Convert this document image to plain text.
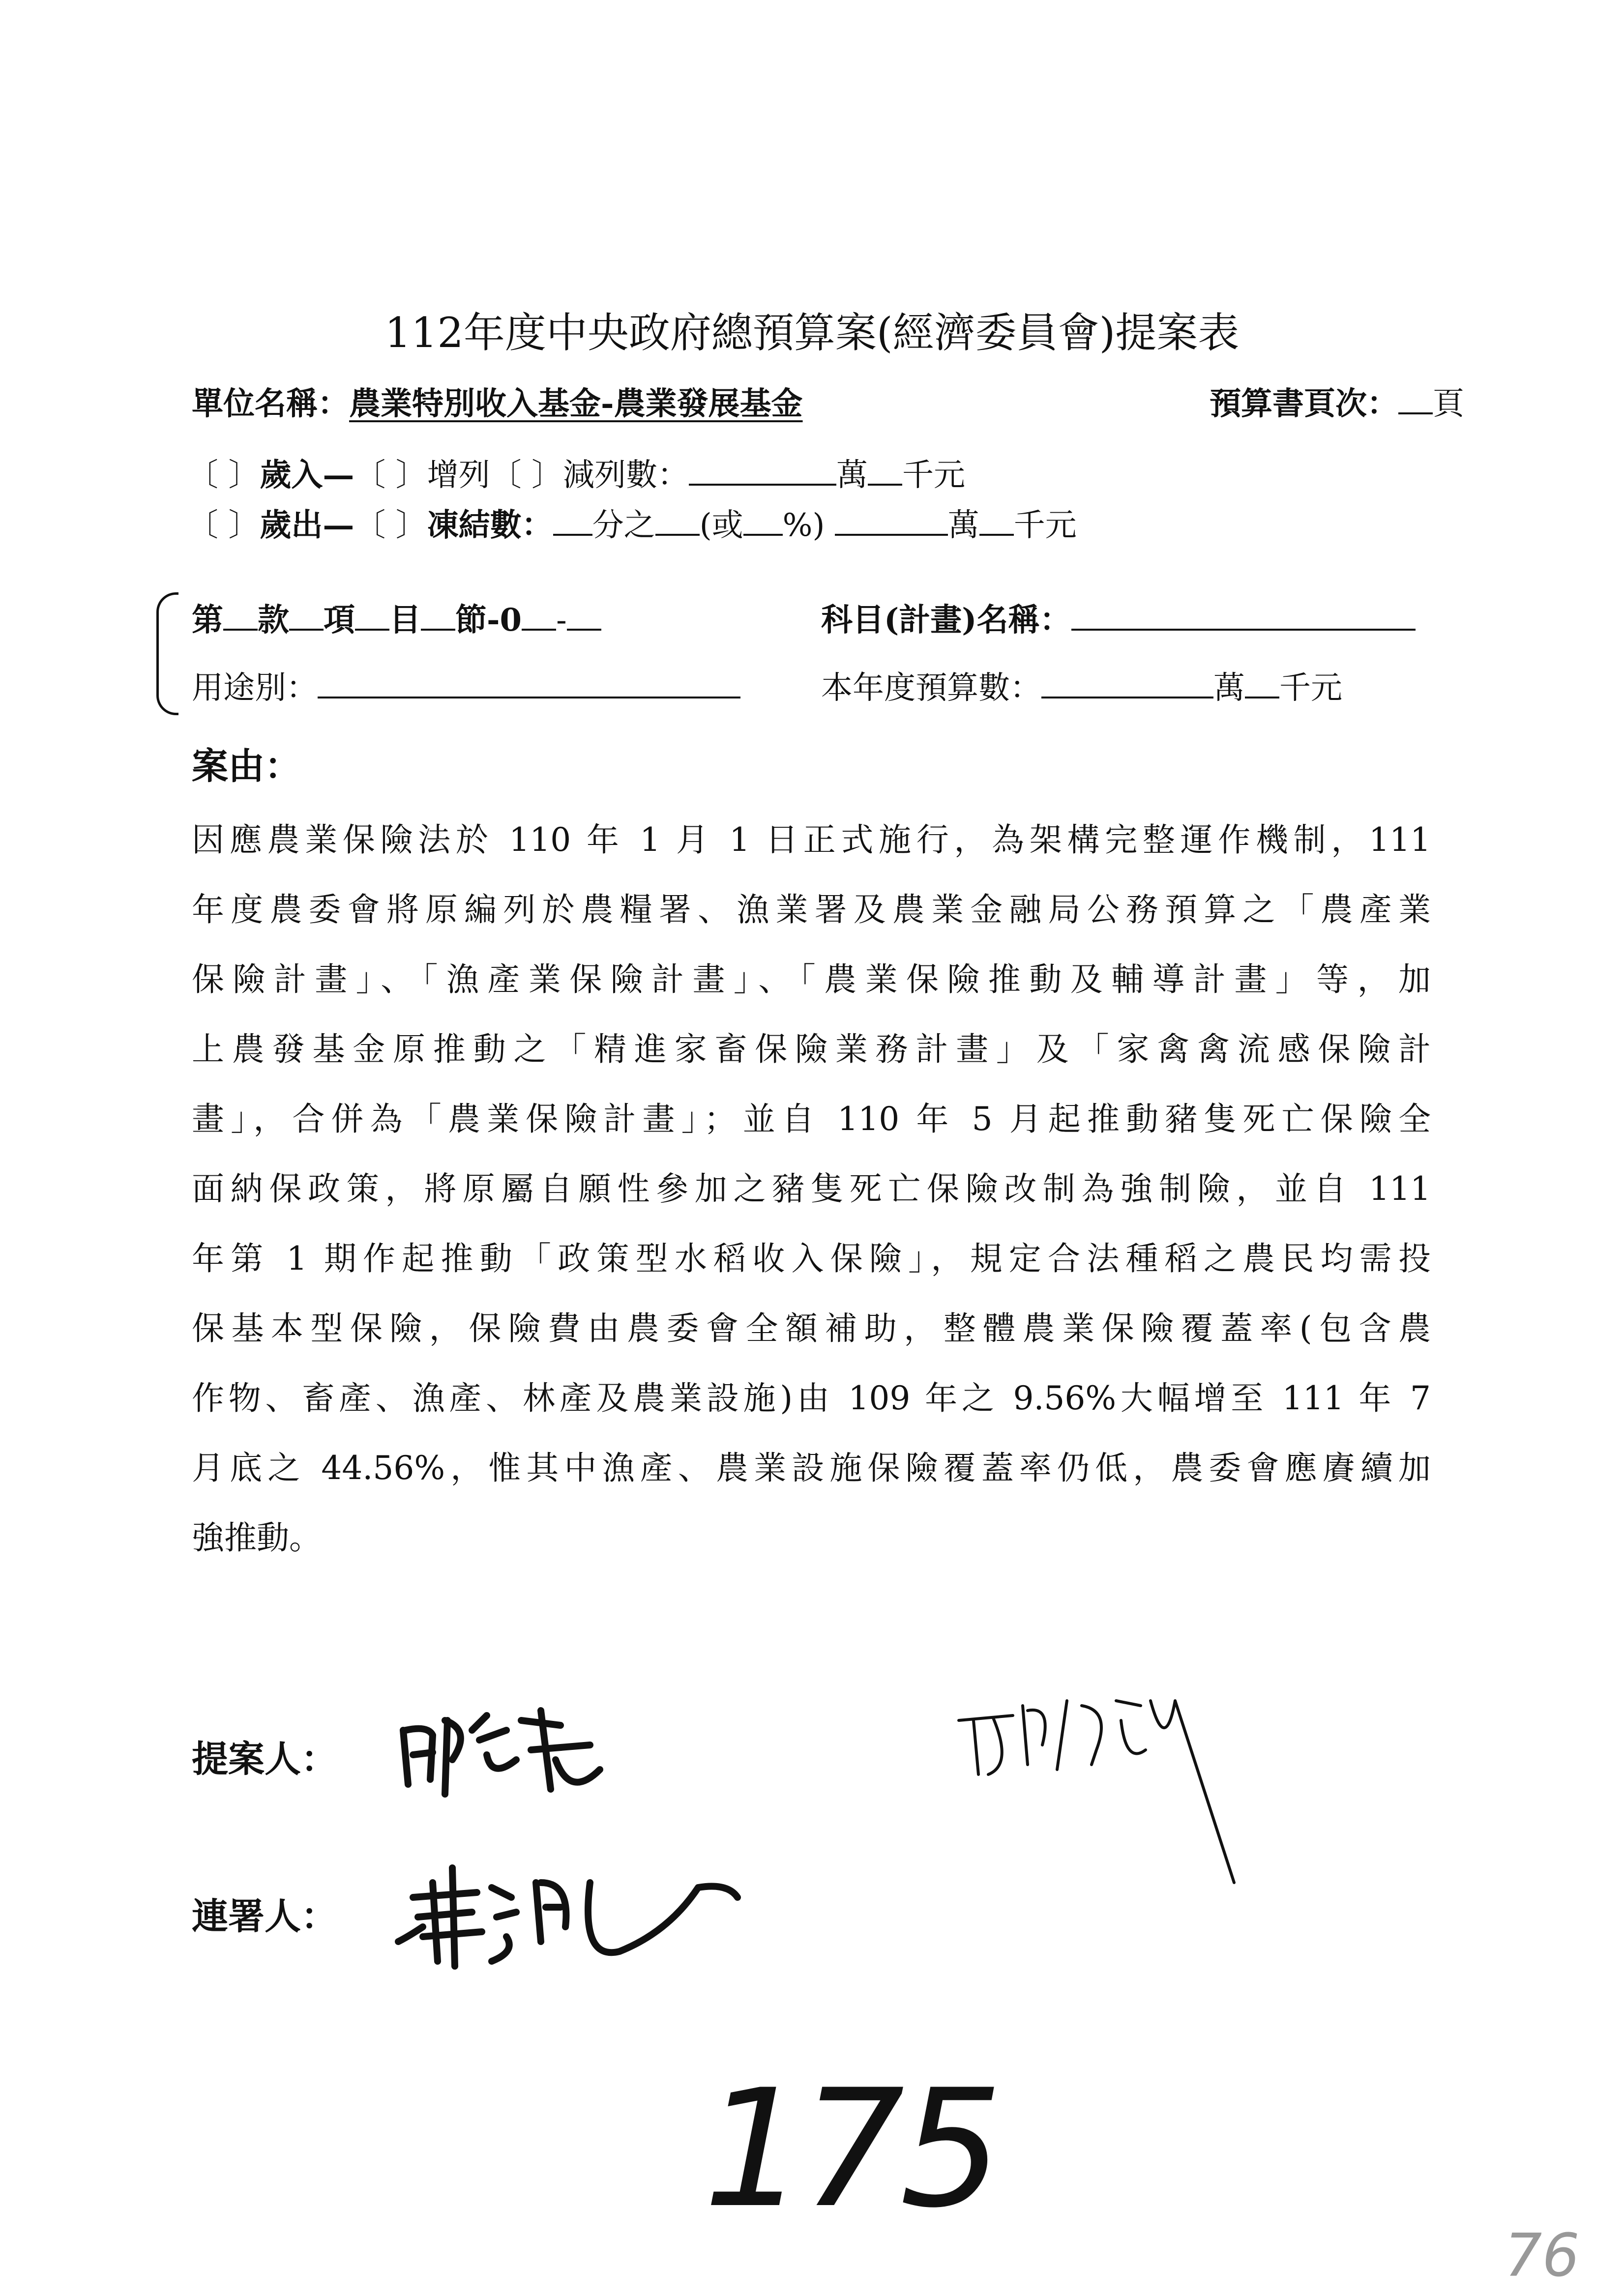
112年度中央政府總預算案(經濟委員會)提案表
單位名稱：農業特別收入基金-農業發展基金	預算書頁次： 頁
〔 〕歲入—〔 〕增列〔 〕減列數：	萬 千元
〔 〕歲出—〔 〕凍結數： 分之 (或 %)	萬 千元
第 款 項 目 節-0 -	科目(計畫)名稱：
用途別：	本年度預算數：	萬 千元
案由：
因應農業保險法於 110 年 1 月 1 日正式施行，為架構完整運作機制，111
年度農委會將原編列於農糧署、漁業署及農業金融局公務預算之「農產業
保險計畫」、「漁產業保險計畫」、「農業保險推動及輔導計畫」等，加
上農發基金原推動之「精進家畜保險業務計畫」及「家禽禽流感保險計
畫」，合併為「農業保險計畫」；並自 110 年 5 月起推動豬隻死亡保險全
面納保政策，將原屬自願性參加之豬隻死亡保險改制為強制險，並自 111
年第 1 期作起推動「政策型水稻收入保險」，規定合法種稻之農民均需投
保基本型保險，保險費由農委會全額補助，整體農業保險覆蓋率(包含農
作物、畜產、漁產、林產及農業設施)由 109 年之 9.56%大幅增至 111 年 7
月底之 44.56%，惟其中漁產、農業設施保險覆蓋率仍低，農委會應賡續加
強推動。
提案人：
連署人：
175
76
